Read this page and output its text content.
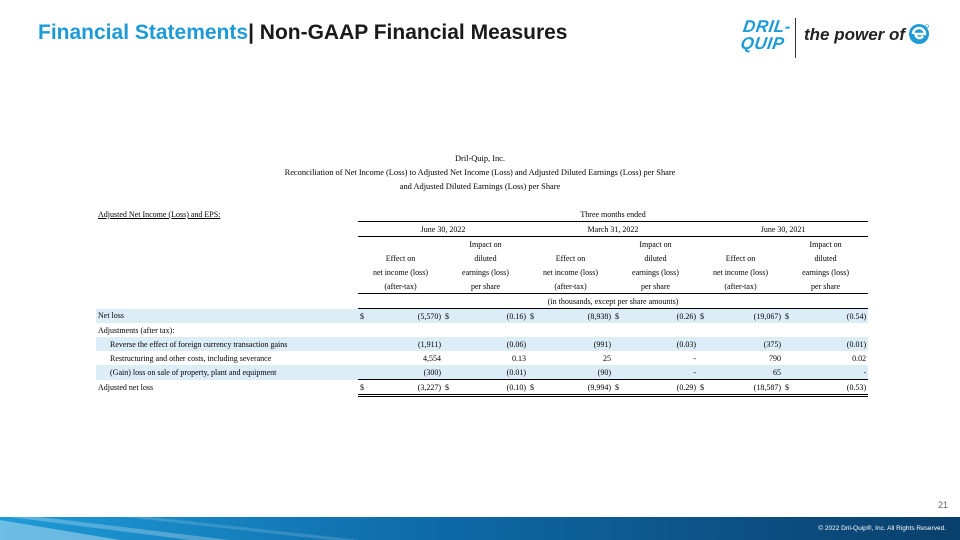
Financial Statements| Non-GAAP Financial Measures	DRIL-
QUIP the power of
Dril-Quip, Inc.
Reconciliation of Net Income (Loss) to Adjusted Net Income (Loss) and Adjusted Diluted Earnings (Loss) per Share
and Adjusted Diluted Earnings (Loss) per Share
Adjusted Net Income (Loss) and EPS:	Three months ended											
	June 30, 2022				March 31, 2022				June 30, 2021			
			Impact on				Impact on				Impact on	
	Effect on		diluted		Effect on		diluted		Effect on		diluted	
	net income (loss)		earnings (loss)		net income (loss)		earnings (loss)		net income (loss)		earnings (loss)	
	(after-tax)		per share		(after-tax)		per share		(after-tax)		per share	
	(in thousands, except per share amounts)											
Net loss	$	(5,570)	$	(0.16)	$	(8,938)	$	(0.26)	$	(19,067)	$	(0.54)
Adjustments (after tax):												
Reverse the effect of foreign currency transaction gains		(1,911)		(0.06)		(991)		(0.03)		(375)		(0.01)
Restructuring and other costs, including severance		4,554		0.13		25		-		790		0.02
(Gain) loss on sale of property, plant and equipment		(300)		(0.01)		(90)		-		65		-
Adjusted net loss	$	(3,227)	$	(0.10)	$	(9,994)	$	(0.29)	$	(18,587)	$	(0.53)
21
© 2022 Dril-Quip®, Inc. All Rights Reserved.
